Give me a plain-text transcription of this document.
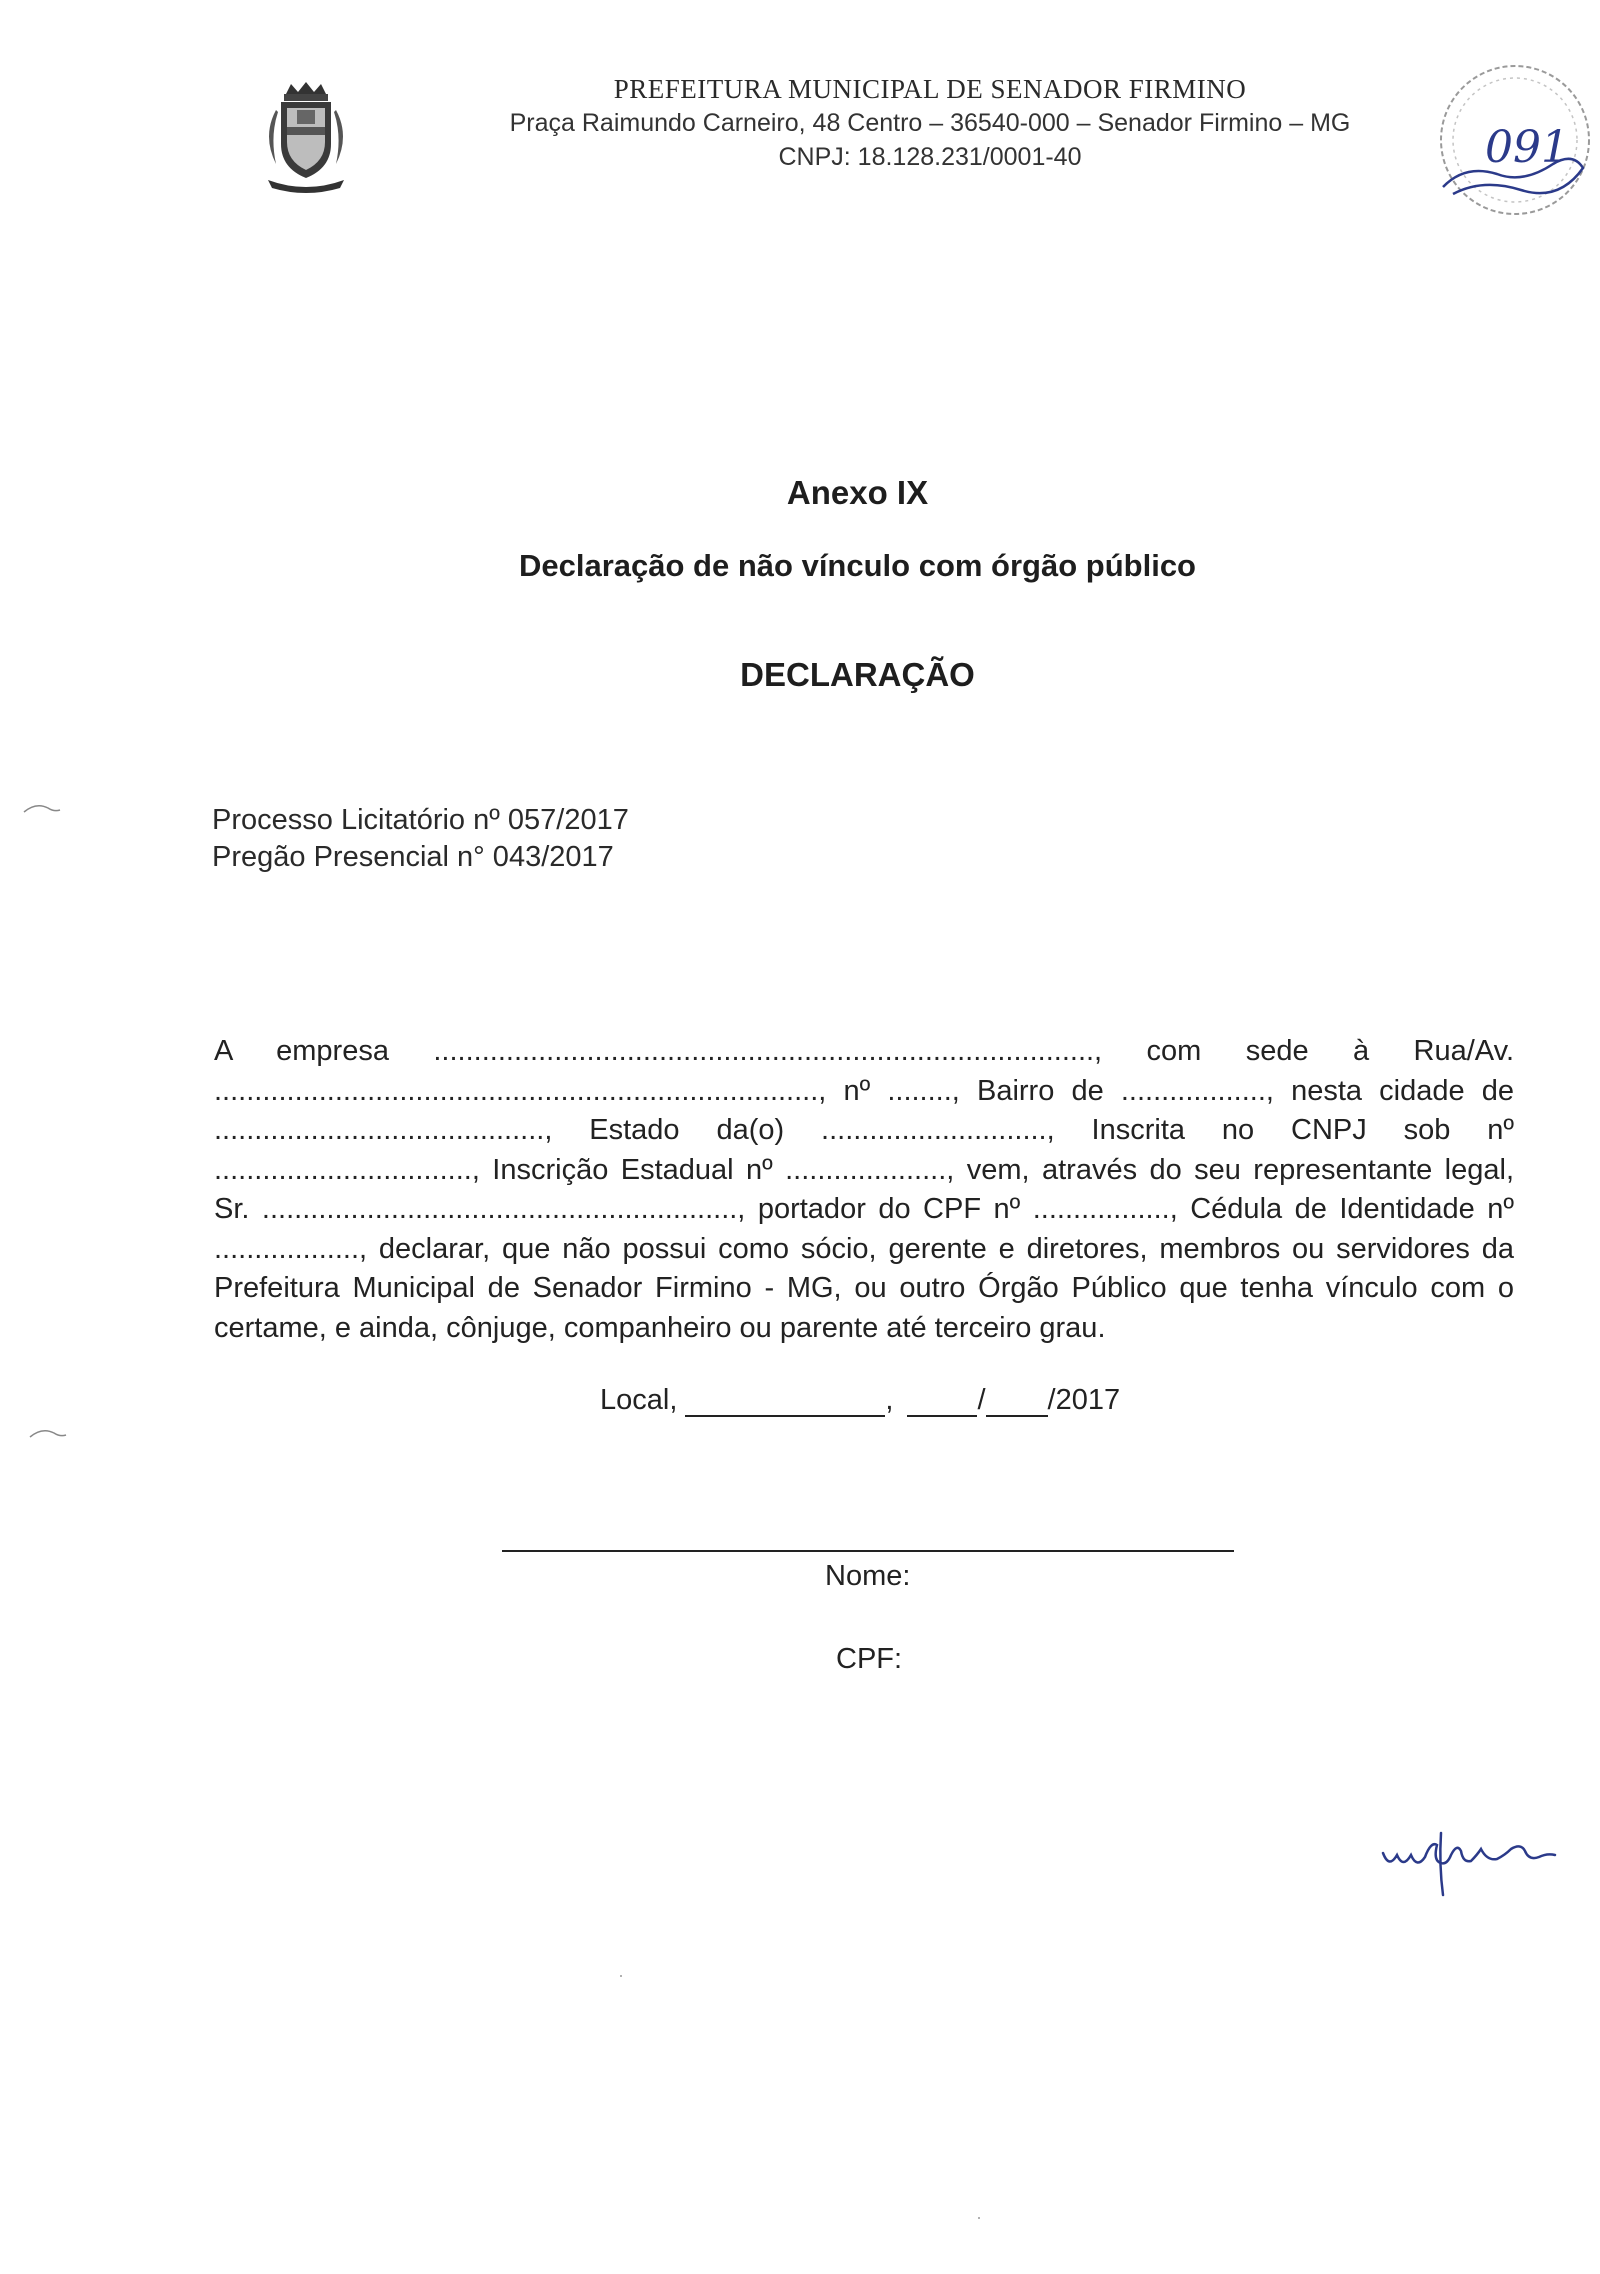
PREFEITURA MUNICIPAL DE SENADOR FIRMINO
Praça Raimundo Carneiro, 48 Centro – 36540-000 – Senador Firmino – MG
CNPJ: 18.128.231/0001-40	091
Anexo IX
Declaração de não vínculo com órgão público
DECLARAÇÃO
Processo Licitatório nº 057/2017
Pregão Presencial n° 043/2017
A empresa .................................................................................., com sede à Rua/Av. ..........................................................................., nº ........, Bairro de .................., nesta cidade de ........................................., Estado da(o) ............................, Inscrita no CNPJ sob nº ................................, Inscrição Estadual nº ...................., vem, através do seu representante legal, Sr. ..........................................................., portador do CPF nº ................., Cédula de Identidade nº .................., declarar, que não possui como sócio, gerente e diretores, membros ou servidores da Prefeitura Municipal de Senador Firmino - MG, ou outro Órgão Público que tenha vínculo com o certame, e ainda, cônjuge, companheiro ou parente até terceiro grau.
Local,	,	/ /2017
Nome:
CPF:
